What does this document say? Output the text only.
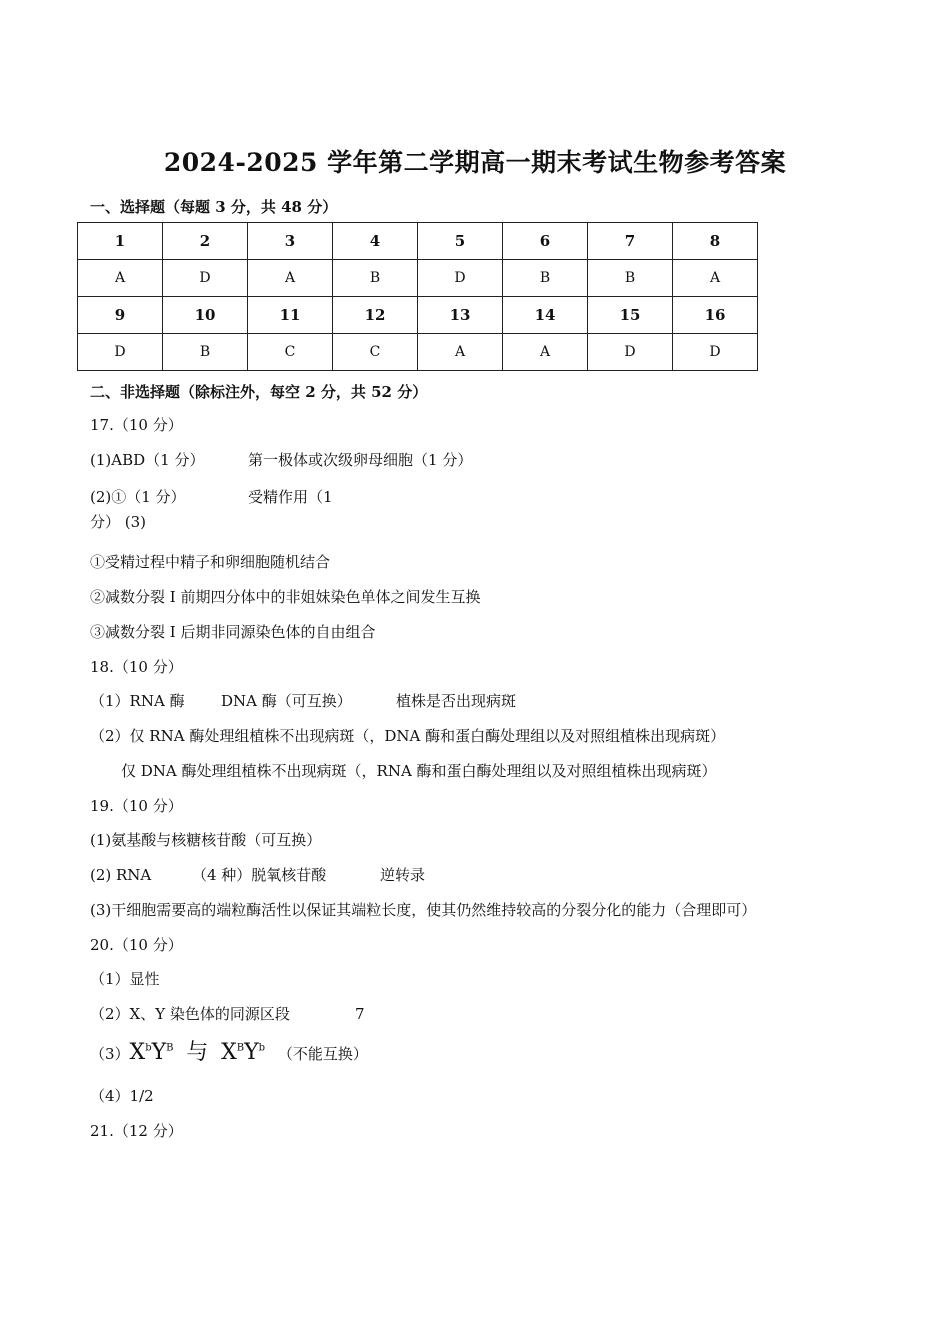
2024-2025 学年第二学期高一期末考试生物参考答案
一、选择题（每题 3 分，共 48 分）
1	2	3	4	5	6	7	8
A	D	A	B	D	B	B	A
9	10	11	12	13	14	15	16
D	B	C	C	A	A	D	D
二、非选择题（除标注外，每空 2 分，共 52 分）
17.（10 分）
(1)ABD（1 分）	第一极体或次级卵母细胞（1 分）
(2)①（1 分）	受精作用（1
分） (3)
①受精过程中精子和卵细胞随机结合
②减数分裂 I 前期四分体中的非姐妹染色单体之间发生互换
③减数分裂 I 后期非同源染色体的自由组合
18.（10 分）
（1）RNA 酶 DNA 酶（可互换）	植株是否出现病斑
（2）仅 RNA 酶处理组植株不出现病斑（，DNA 酶和蛋白酶处理组以及对照组植株出现病斑）
仅 DNA 酶处理组植株不出现病斑（，RNA 酶和蛋白酶处理组以及对照组植株出现病斑）
19.（10 分）
(1)氨基酸与核糖核苷酸（可互换）
(2) RNA	（4 种）脱氧核苷酸	逆转录
(3)干细胞需要高的端粒酶活性以保证其端粒长度，使其仍然维持较高的分裂分化的能力（合理即可）
20.（10 分）
（1）显性
（2）X、Y 染色体的同源区段	7
$(3)X^bY^B$ 与 $X^BY^b$ （不能互换）
（4）1/2
21.（12 分）
